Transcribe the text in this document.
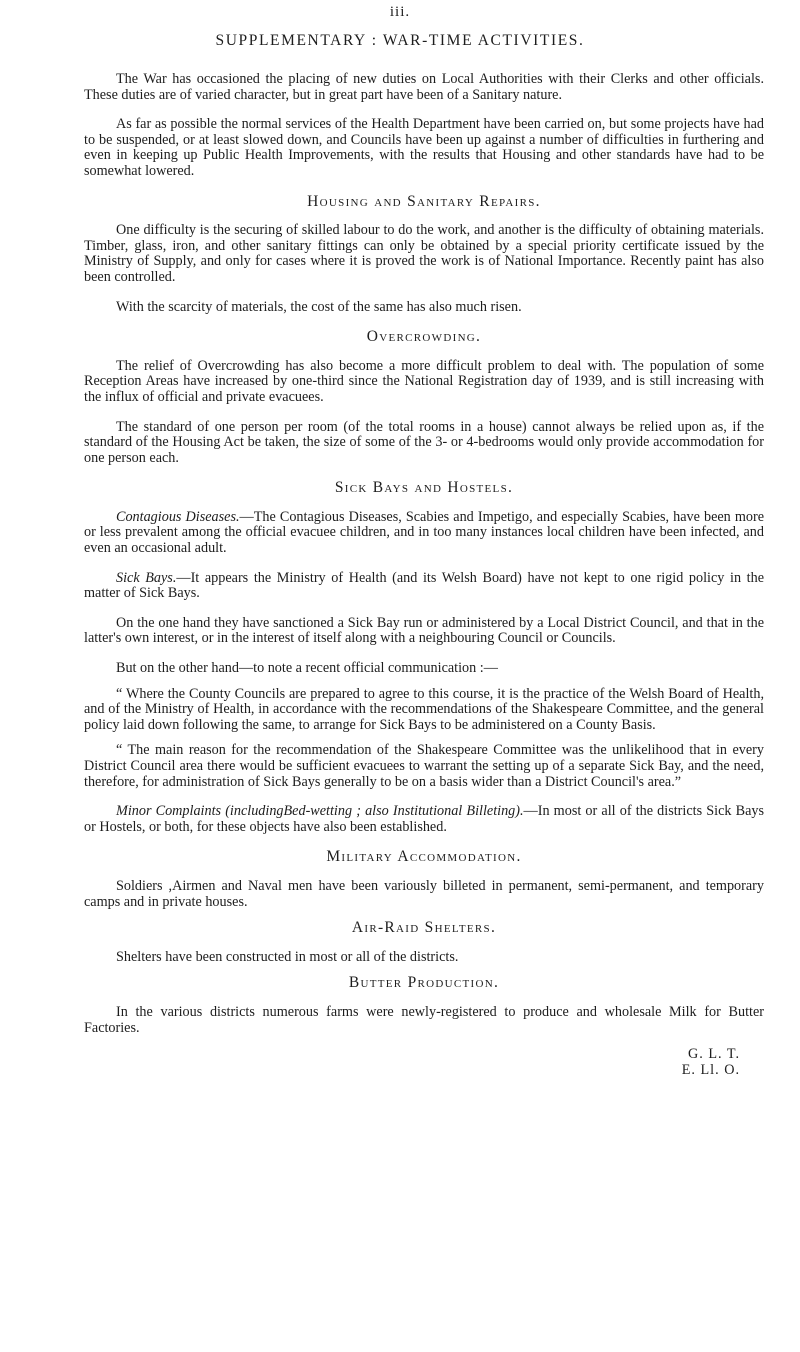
iii.
SUPPLEMENTARY : WAR-TIME ACTIVITIES.

The War has occasioned the placing of new duties on Local Authorities with their Clerks and other officials. These duties are of varied character, but in great part have been of a Sanitary nature.

As far as possible the normal services of the Health Department have been carried on, but some projects have had to be suspended, or at least slowed down, and Councils have been up against a number of difficulties in furthering and even in keeping up Public Health Improvements, with the results that Housing and other standards have had to be somewhat lowered.

Housing and Sanitary Repairs.

One difficulty is the securing of skilled labour to do the work, and another is the difficulty of obtaining materials. Timber, glass, iron, and other sanitary fittings can only be obtained by a special priority certificate issued by the Ministry of Supply, and only for cases where it is proved the work is of National Importance. Recently paint has also been controlled.

With the scarcity of materials, the cost of the same has also much risen.

Overcrowding.

The relief of Overcrowding has also become a more difficult problem to deal with. The population of some Reception Areas have increased by one-third since the National Registration day of 1939, and is still increasing with the influx of official and private evacuees.

The standard of one person per room (of the total rooms in a house) cannot always be relied upon as, if the standard of the Housing Act be taken, the size of some of the 3- or 4-bedrooms would only provide accommodation for one person each.

Sick Bays and Hostels.

Contagious Diseases.—The Contagious Diseases, Scabies and Impetigo, and especially Scabies, have been more or less prevalent among the official evacuee children, and in too many instances local children have been infected, and even an occasional adult.

Sick Bays.—It appears the Ministry of Health (and its Welsh Board) have not kept to one rigid policy in the matter of Sick Bays.

On the one hand they have sanctioned a Sick Bay run or administered by a Local District Council, and that in the latter's own interest, or in the interest of itself along with a neighbouring Council or Councils.

But on the other hand—to note a recent official communication :—

“ Where the County Councils are prepared to agree to this course, it is the practice of the Welsh Board of Health, and of the Ministry of Health, in accordance with the recommendations of the Shakespeare Committee, and the general policy laid down following the same, to arrange for Sick Bays to be administered on a County Basis.

“ The main reason for the recommendation of the Shakespeare Committee was the unlikelihood that in every District Council area there would be sufficient evacuees to warrant the setting up of a separate Sick Bay, and the need, therefore, for administration of Sick Bays generally to be on a basis wider than a District Council's area.”

Minor Complaints (includingBed-wetting ; also Institutional Billeting).—In most or all of the districts Sick Bays or Hostels, or both, for these objects have also been established.

Military Accommodation.

Soldiers ,Airmen and Naval men have been variously billeted in permanent, semi-permanent, and temporary camps and in private houses.

Air-Raid Shelters.

Shelters have been constructed in most or all of the districts.

Butter Production.

In the various districts numerous farms were newly-registered to produce and wholesale Milk for Butter Factories.

G. L. T.
E. Ll. O.
